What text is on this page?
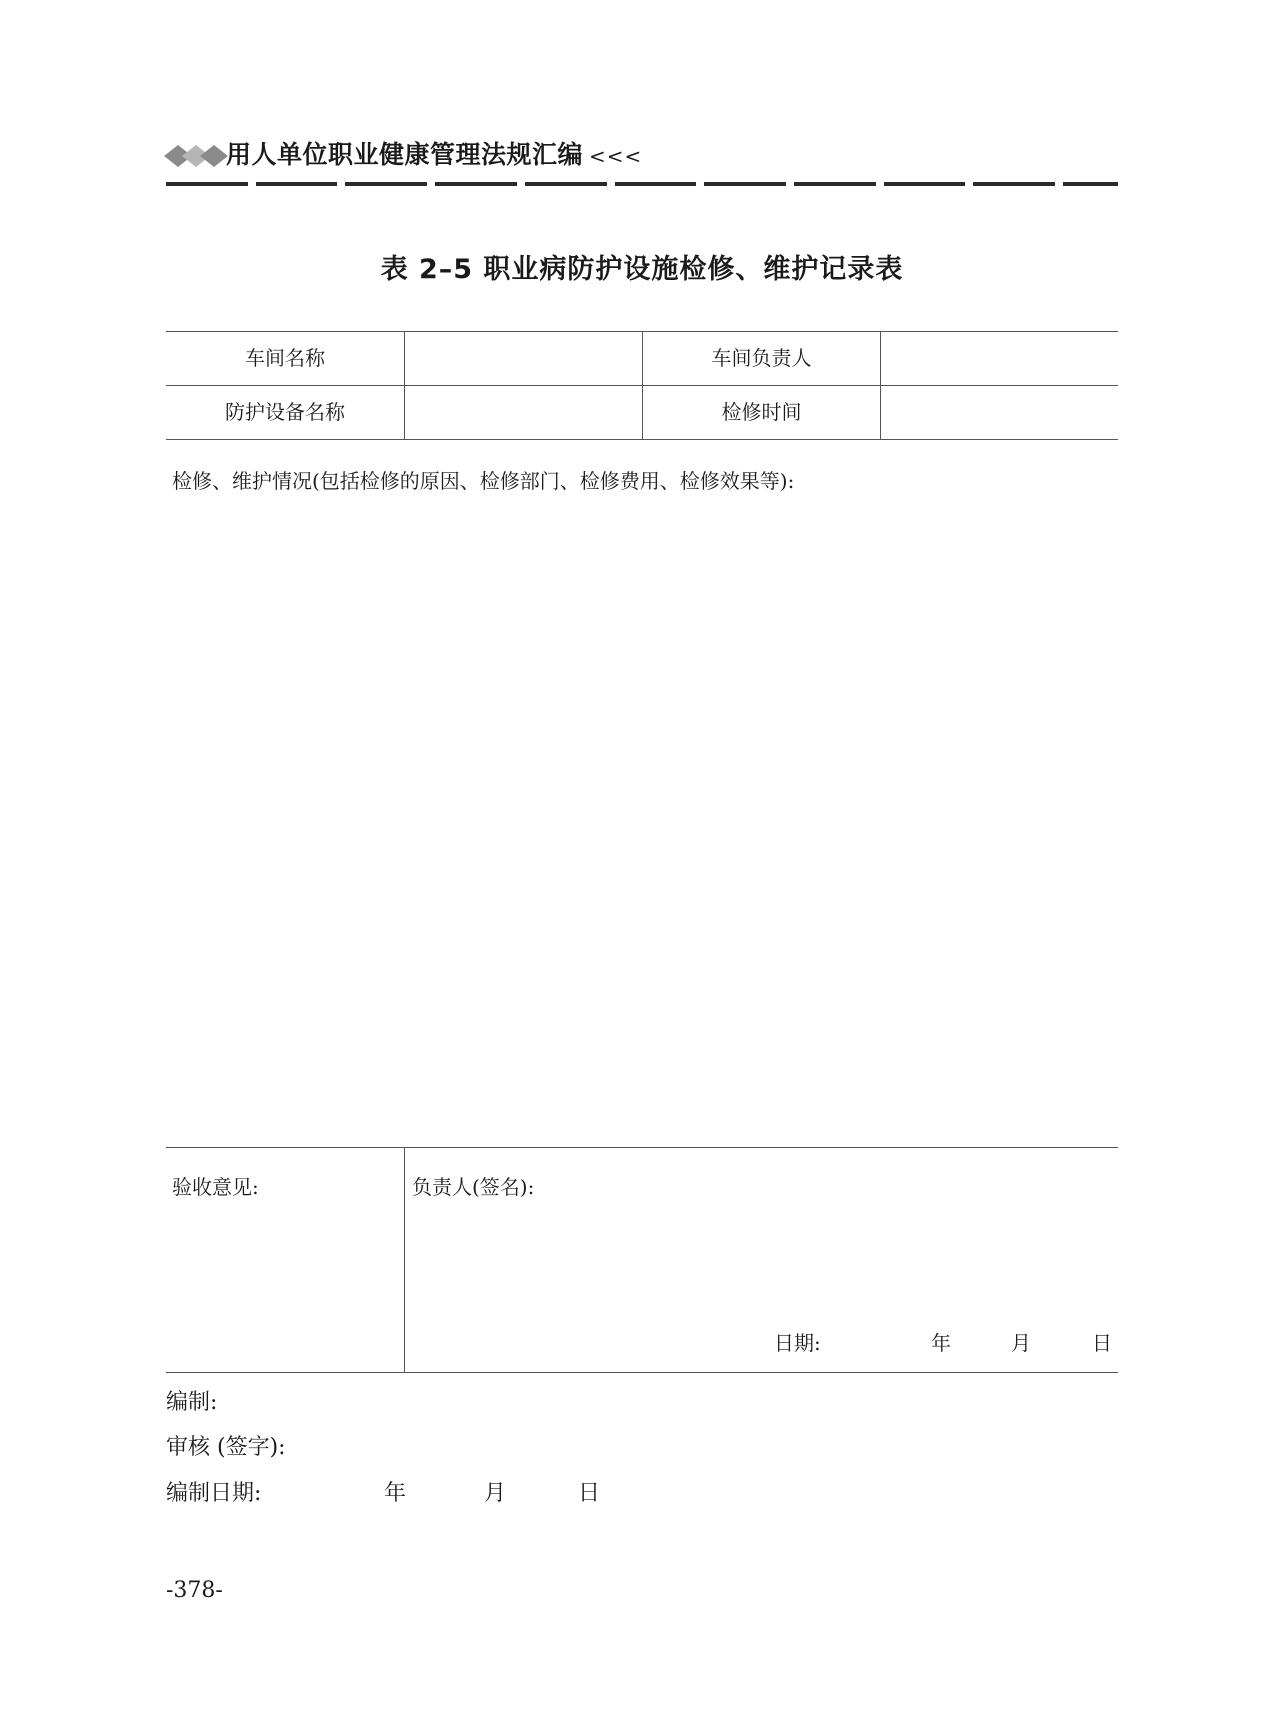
用人单位职业健康管理法规汇编 <<<
表 2–5 职业病防护设施检修、维护记录表
车间名称	车间负责人
防护设备名称	检修时间
检修、维护情况(包括检修的原因、检修部门、检修费用、检修效果等):
验收意见:	负责人(签名):
日期:	年	月	日
编制:
审核 (签字):
编制日期:	年	月	日
-378-
